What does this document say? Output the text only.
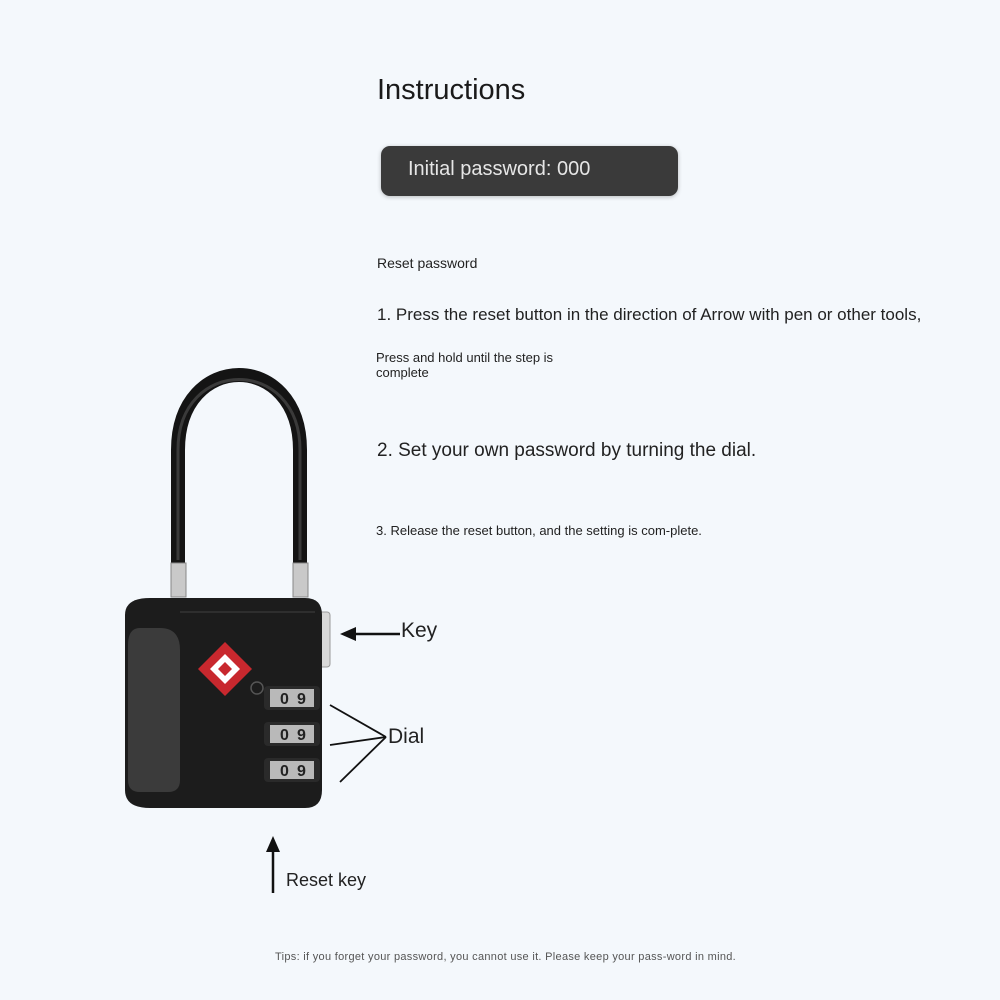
Instructions
Initial password: 000
Reset password
1. Press the reset button in the direction of Arrow with pen or other tools,
Press and hold until the step is complete
2. Set your own password by turning the dial.
3. Release the reset button, and the setting is com-plete.
0 9
0 9
0 9
Key
Dial
Reset key
Tips: if you forget your password, you cannot use it. Please keep your pass-word in mind.
